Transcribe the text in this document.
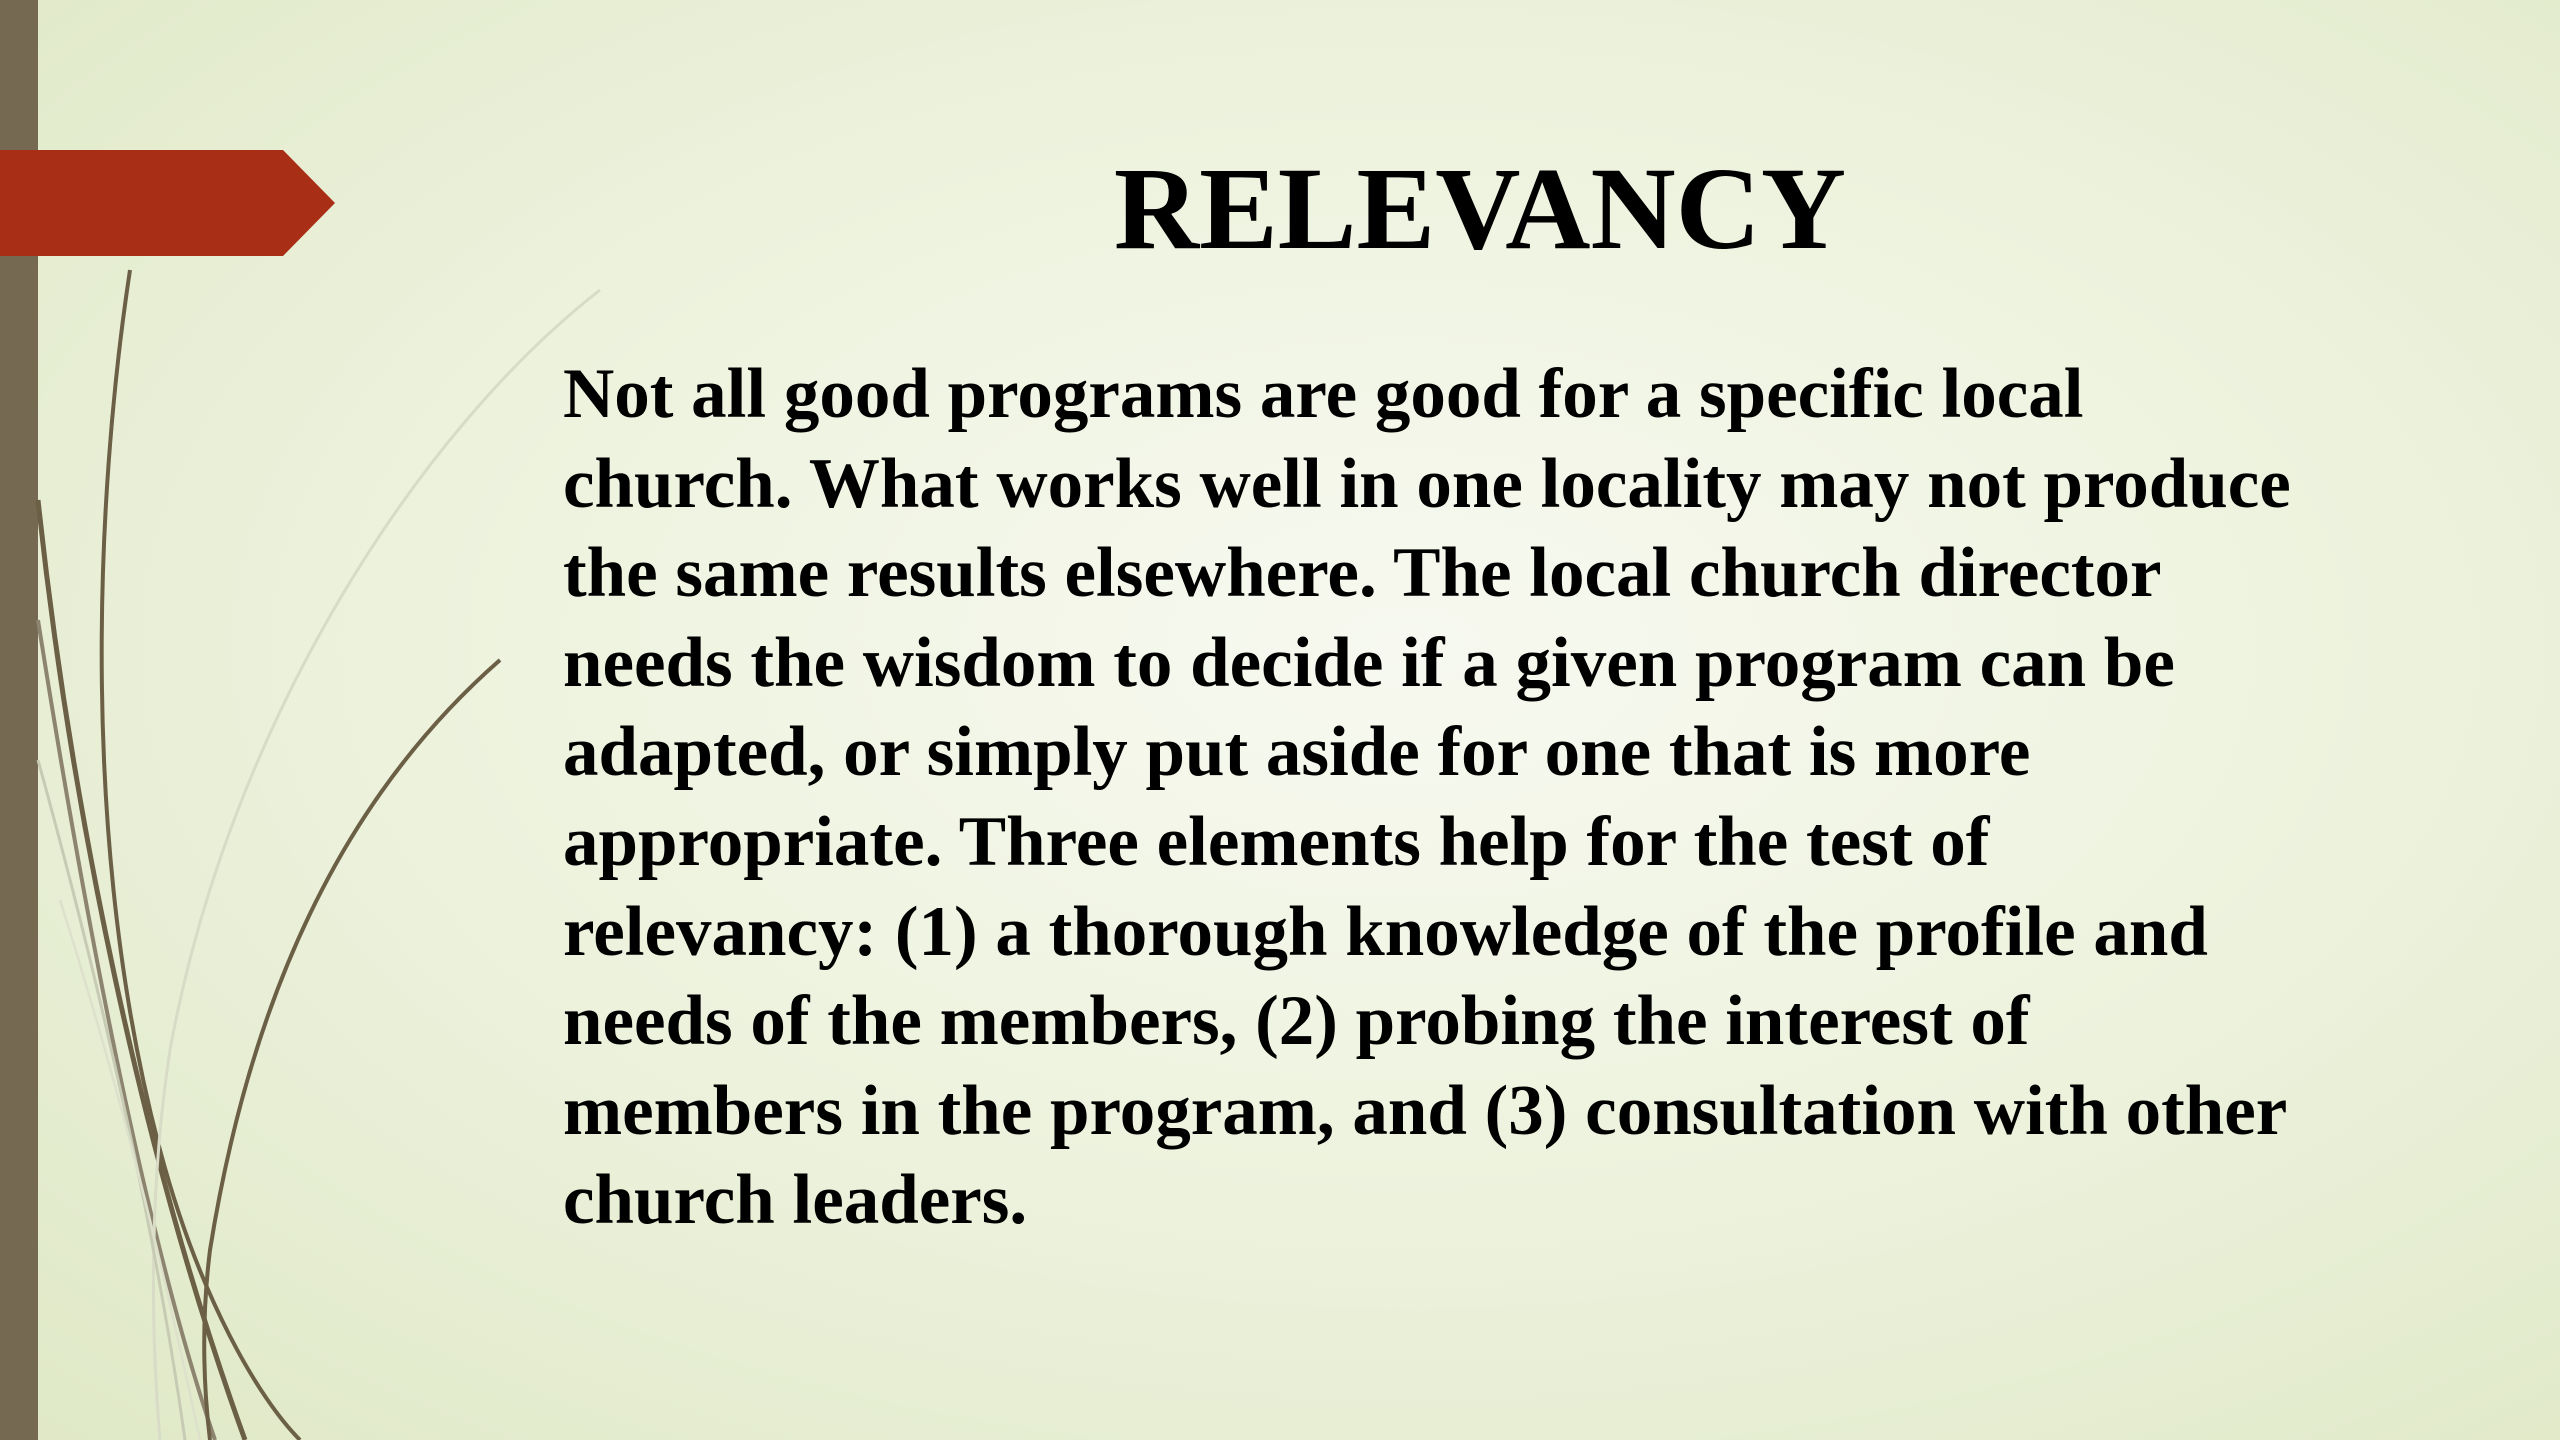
RELEVANCY
Not all good programs are good for a specific local
church. What works well in one locality may not produce
the same results elsewhere. The local church director
needs the wisdom to decide if a given program can be
adapted, or simply put aside for one that is more
appropriate. Three elements help for the test of
relevancy: (1) a thorough knowledge of the profile and
needs of the members, (2) probing the interest of
members in the program, and (3) consultation with other
church leaders.
